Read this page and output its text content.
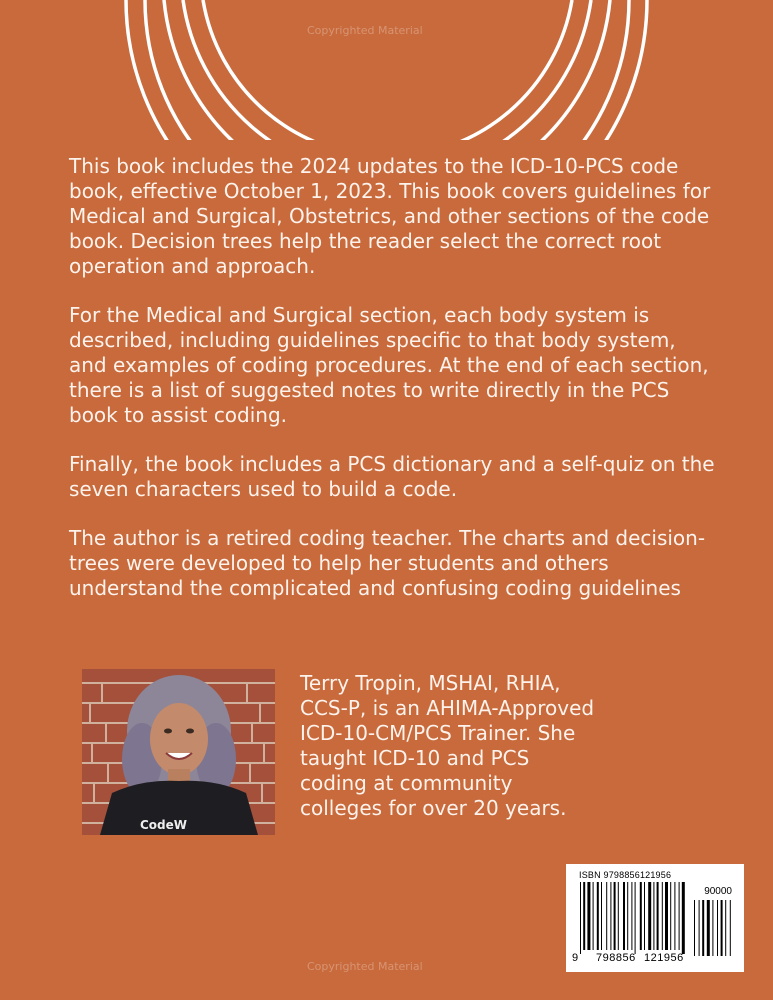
Copyrighted Material

This book includes the 2024 updates to the ICD-10-PCS code book, effective October 1, 2023. This book covers guidelines for Medical and Surgical, Obstetrics, and other sections of the code book. Decision trees help the reader select the correct root operation and approach.

For the Medical and Surgical section, each body system is described, including guidelines specific to that body system, and examples of coding procedures. At the end of each section, there is a list of suggested notes to write directly in the PCS book to assist coding.

Finally, the book includes a PCS dictionary and a self-quiz on the seven characters used to build a code.

The author is a retired coding teacher. The charts and decision-trees were developed to help her students and others understand the complicated and confusing coding guidelines

CodeW
Terry Tropin, MSHAI, RHIA, CCS-P, is an AHIMA-Approved ICD-10-CM/PCS Trainer. She taught ICD-10 and PCS coding at community colleges for over 20 years.
ISBN 9798856121956
90000
9 798856 121956
Copyrighted Material
